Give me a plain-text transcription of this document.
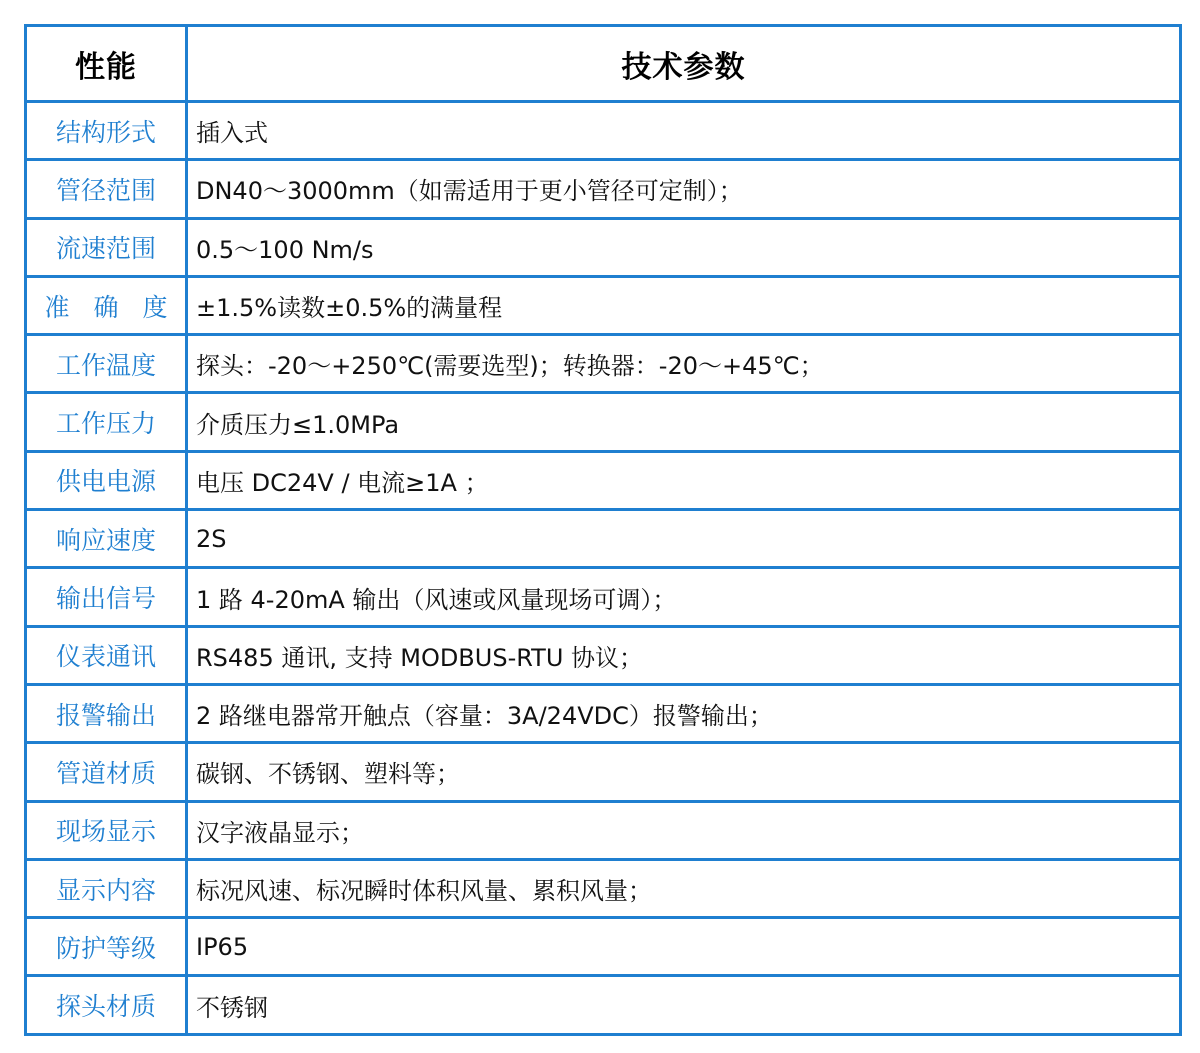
性能	技术参数
结构形式	插入式
管径范围	DN40～3000mm（如需适用于更小管径可定制）；
流速范围	0.5～100 Nm/s
准 确 度	±1.5%读数±0.5%的满量程
工作温度	探头：-20～+250℃(需要选型)；转换器：-20～+45℃；
工作压力	介质压力≤1.0MPa
供电电源	电压 DC24V / 电流≥1A ；
响应速度	2S
输出信号	1 路 4-20mA 输出（风速或风量现场可调）；
仪表通讯	RS485 通讯, 支持 MODBUS-RTU 协议；
报警输出	2 路继电器常开触点（容量：3A/24VDC）报警输出；
管道材质	碳钢、不锈钢、塑料等；
现场显示	汉字液晶显示；
显示内容	标况风速、标况瞬时体积风量、累积风量；
防护等级	IP65
探头材质	不锈钢
